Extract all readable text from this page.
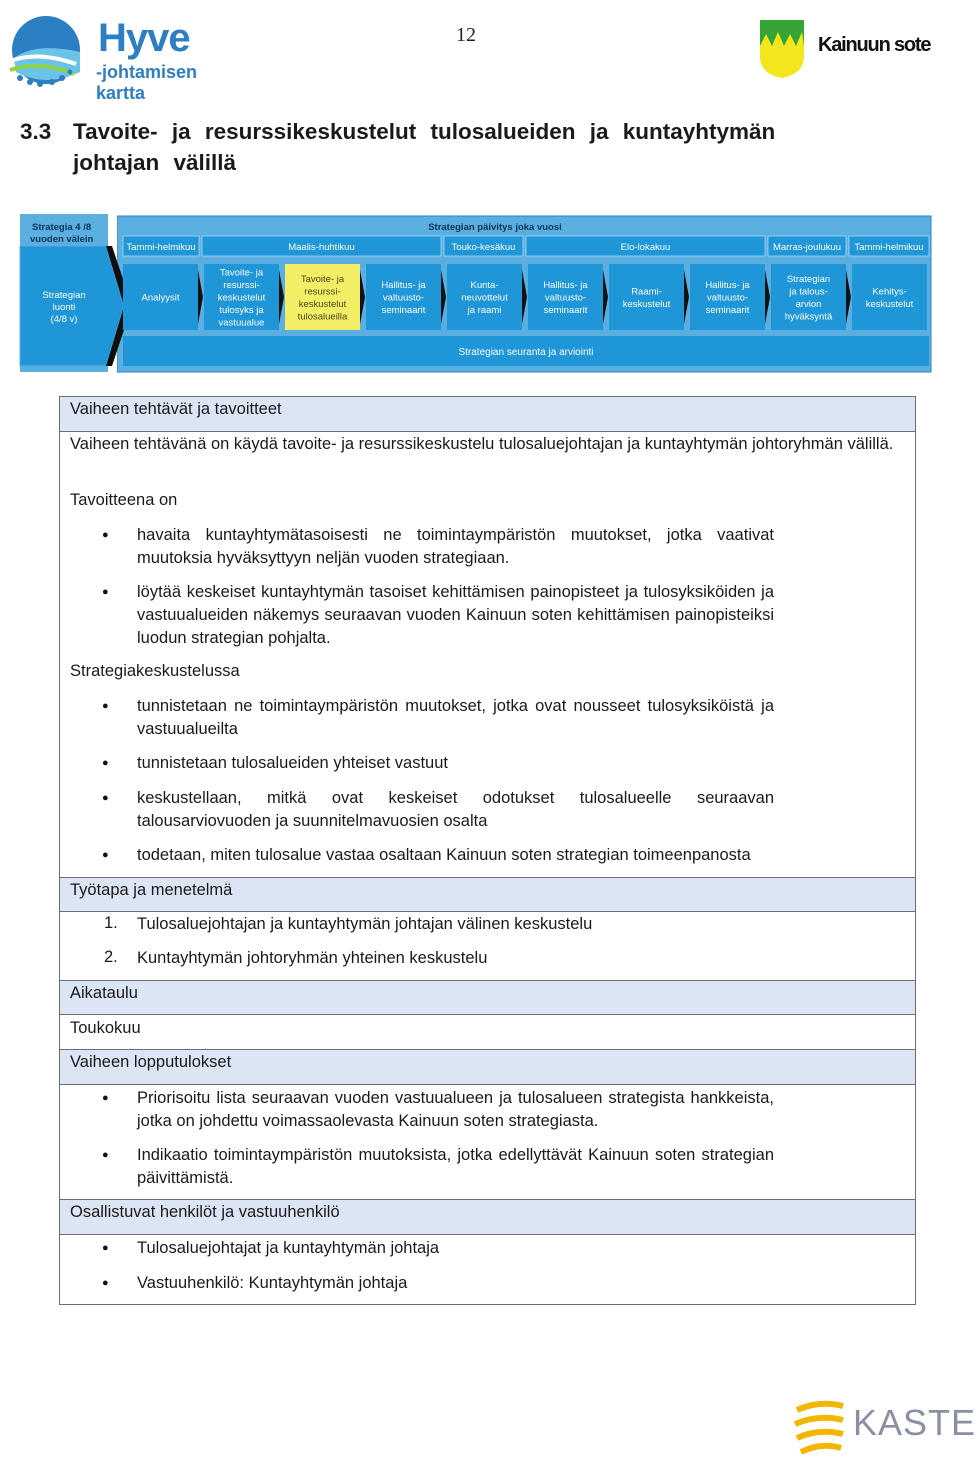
Hyve
-johtamisen kartta
12	Kainuun sote
3.3 Tavoite- ja resurssikeskustelut tulosalueiden ja kuntayhtymän johtajan välillä
Tammi-helmikuu	Maalis-huhtikuu	Touko-kesäkuu	Elo-lokakuu	Marras-joulukuu Tammi-helmikuu
Strategian
luonti
(4/8 v)
Analyysit
Tavoite- ja
resurssi-
keskustelut
tulosyks ja
vastuualue
Tavoite- ja
resurssi-
keskustelut
tulosalueilla
Hallitus- ja
valtuusto-
seminaarit
Kunta-
neuvottelut
ja raami
Hallitus- ja
valtuusto-
seminaarit
Raami-
keskustelut
Hallitus- ja
valtuusto-
seminaarit
Strategian
ja talous-
arvion
hyväksyntä
Kehitys-
keskustelut
Strategian seuranta ja arviointi
Strategia 4 /8
vuoden välein
Strategian päivitys joka vuosi
Vaiheen tehtävät ja tavoitteet
Vaiheen tehtävänä on käydä tavoite- ja resurssikeskustelu tulosaluejohtajan ja kuntayhtymän johtoryhmän välillä.
Tavoitteena on
● havaita kuntayhtymätasoisesti ne toimintaympäristön muutokset, jotka vaativat muutoksia hyväksyttyyn neljän vuoden strategiaan.
● löytää keskeiset kuntayhtymän tasoiset kehittämisen painopisteet ja tulosyksiköiden ja vastuualueiden näkemys seuraavan vuoden Kainuun soten kehittämisen painopisteiksi luodun strategian pohjalta.
Strategiakeskustelussa
● tunnistetaan ne toimintaympäristön muutokset, jotka ovat nousseet tulosyksiköistä ja vastuualueilta
● tunnistetaan tulosalueiden yhteiset vastuut
● keskustellaan, mitkä ovat keskeiset odotukset tulosalueelle seuraavan talousarviovuoden ja suunnitelmavuosien osalta
● todetaan, miten tulosalue vastaa osaltaan Kainuun soten strategian toimeenpanosta
Työtapa ja menetelmä
1. Tulosaluejohtajan ja kuntayhtymän johtajan välinen keskustelu
2. Kuntayhtymän johtoryhmän yhteinen keskustelu
Aikataulu
Toukokuu
Vaiheen lopputulokset
● Priorisoitu lista seuraavan vuoden vastuualueen ja tulosalueen strategista hankkeista, jotka on johdettu voimassaolevasta Kainuun soten strategiasta.
● Indikaatio toimintaympäristön muutoksista, jotka edellyttävät Kainuun soten strategian päivittämistä.
Osallistuvat henkilöt ja vastuuhenkilö
● Tulosaluejohtajat ja kuntayhtymän johtaja
● Vastuuhenkilö: Kuntayhtymän johtaja
KASTE
